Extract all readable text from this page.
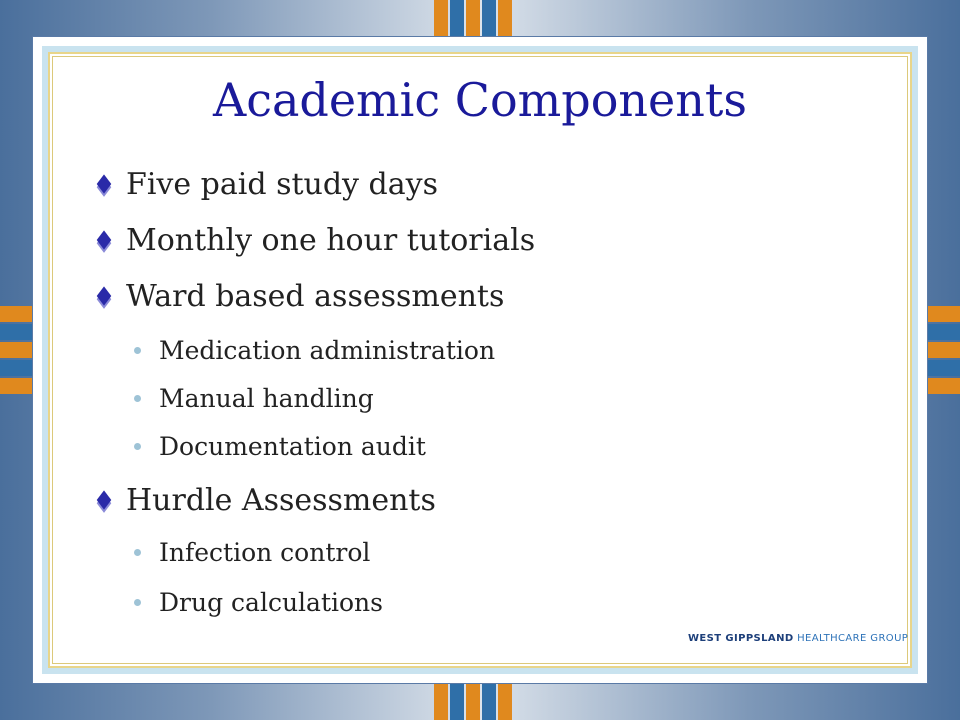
Academic Components
Five paid study days
Monthly one hour tutorials
Ward based assessments
Medication administration
Manual handling
Documentation audit
Hurdle Assessments
Infection control
Drug calculations
WEST GIPPSLAND HEALTHCARE GROUP
